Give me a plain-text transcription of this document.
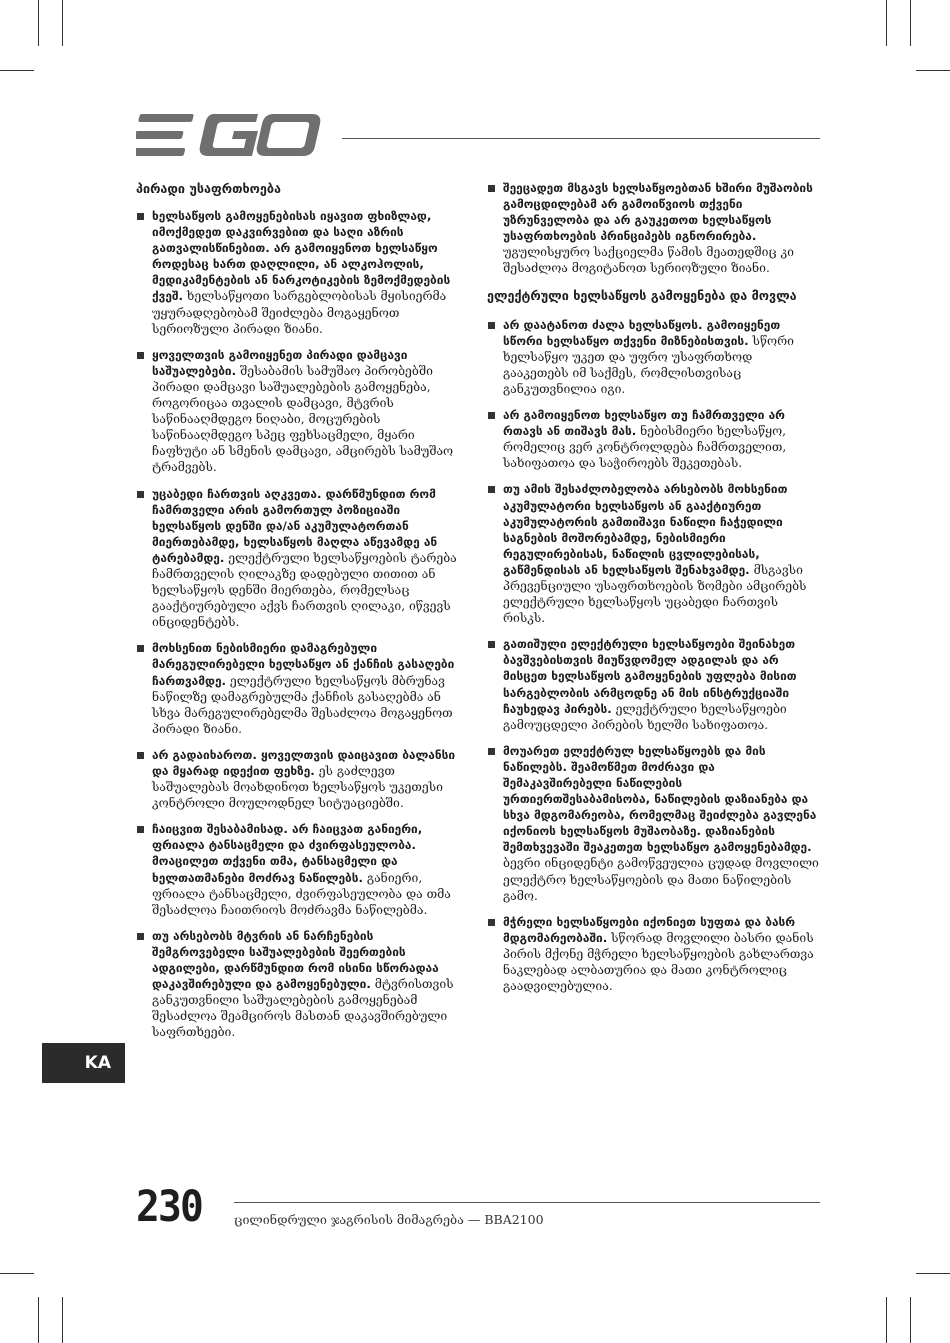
პირადი უსაფრთხოება
ხელსაწყოს გამოყენებისას იყავით ფხიზლად, იმოქმედეთ დაკვირვებით და საღი აზრის გათვალისწინებით. არ გამოიყენოთ ხელსაწყო როდესაც ხართ დაღლილი, ან ალკოჰოლის, მედიკამენტების ან ნარკოტიკების ზემოქმედების ქვეშ. ხელსაწყოთი სარგებლობისას მყისიერმა უყურადღებობამ შეიძლება მოგაყენოთ სერიოზული პირადი ზიანი.
ყოველთვის გამოიყენეთ პირადი დამცავი საშუალებები. შესაბამის სამუშაო პირობებში პირადი დამცავი საშუალებების გამოყენება, როგორიცაა თვალის დამცავი, მტვრის საწინააღმდეგო ნიღაბი, მოცურების საწინააღმდეგო სპეც ფეხსაცმელი, მყარი ჩაფხუტი ან სმენის დამცავი, ამცირებს სამუშაო ტრამვებს.
უცაბედი ჩართვის აღკვეთა. დარწმუნდით რომ ჩამრთველი არის გამორთულ პოზიციაში ხელსაწყოს დენში და/ან აკუმულატორთან მიერთებამდე, ხელსაწყოს მაღლა აწევამდე ან ტარებამდე. ელექტრული ხელსაწყოების ტარება ჩამრთველის ღილაკზე დადებული თითით ან ხელსაწყოს დენში მიერთება, რომელსაც გააქტიურებული აქვს ჩართვის ღილაკი, იწვევს ინციდენტებს.
მოხსენით ნებისმიერი დამაგრებული მარეგულირებელი ხელსაწყო ან ქანჩის გასაღები ჩართვამდე. ელექტრული ხელსაწყოს მბრუნავ ნაწილზე დამაგრებულმა ქანჩის გასაღებმა ან სხვა მარეგულირებელმა შესაძლოა მოგაყენოთ პირადი ზიანი.
არ გადაიხაროთ. ყოველთვის დაიცავით ბალანსი და მყარად იდექით ფეხზე. ეს გაძლევთ საშუალებას მოახდინოთ ხელსაწყოს უკეთესი კონტროლი მოულოდნელ სიტუაციებში.
ჩაიცვით შესაბამისად. არ ჩაიცვათ განიერი, ფრიალა ტანსაცმელი და ძვირფასეულობა. მოაცილეთ თქვენი თმა, ტანსაცმელი და ხელთათმანები მოძრავ ნაწილებს. განიერი, ფრიალა ტანსაცმელი, ძვირფასეულობა და თმა შესაძლოა ჩაითრიოს მოძრავმა ნაწილებმა.
თუ არსებობს მტვრის ან ნარჩენების შემგროვებელი საშუალებების შეერთების ადგილები, დარწმუნდით რომ ისინი სწორადაა დაკავშირებული და გამოყენებული. მტვრისთვის განკუთვნილი საშუალებების გამოყენებამ შესაძლოა შეამციროს მასთან დაკავშირებული საფრთხეები.
შეეცადეთ მსგავს ხელსაწყოებთან ხშირი მუშაობის გამოცდილებამ არ გამოიწვიოს თქვენი უზრუნველობა და არ გაუკეთოთ ხელსაწყოს უსაფრთხოების პრინციპებს იგნორირება. უგულისყურო საქციელმა წამის მეათედშიც კი შესაძლოა მოგიტანოთ სერიოზული ზიანი.
ელექტრული ხელსაწყოს გამოყენება და მოვლა
არ დაატანოთ ძალა ხელსაწყოს. გამოიყენეთ სწორი ხელსაწყო თქვენი მიზნებისთვის. სწორი ხელსაწყო უკეთ და უფრო უსაფრთხოდ გააკეთებს იმ საქმეს, რომლისთვისაც განკუთვნილია იგი.
არ გამოიყენოთ ხელსაწყო თუ ჩამრთველი არ რთავს ან თიშავს მას. ნებისმიერი ხელსაწყო, რომელიც ვერ კონტროლდება ჩამრთველით, სახიფათოა და საჭიროებს შეკეთებას.
თუ ამის შესაძლობელობა არსებობს მოხსენით აკუმულატორი ხელსაწყოს ან გააქტიურეთ აკუმულატორის გამთიშავი ნაწილი ჩაჭედილი საგნების მოშორებამდე, ნებისმიერი რეგულირებისას, ნაწილის ცვლილებისას, გაწმენდისას ან ხელსაწყოს შენახვამდე. მსგავსი პრევენციული უსაფრთხოების ზომები ამცირებს ელექტრული ხელსაწყოს უცაბედი ჩართვის რისკს.
გათიშული ელექტრული ხელსაწყოები შეინახეთ ბავშვებისთვის მიუწვდომელ ადგილას და არ მისცეთ ხელსაწყოს გამოყენების უფლება მისით სარგებლობის არმცოდნე ან მის ინსტრუქციაში ჩაუხედავ პირებს. ელექტრული ხელსაწყოები გამოუცდელი პირების ხელში სახიფათოა.
მოუარეთ ელექტრულ ხელსაწყოებს და მის ნაწილებს. შეამოწმეთ მოძრავი და შემაკავშირებელი ნაწილების ურთიერთშესაბამისობა, ნაწილების დაზიანება და სხვა მდგომარეობა, რომელმაც შეიძლება გავლენა იქონიოს ხელსაწყოს მუშაობაზე. დაზიანების შემთხვევაში შეაკეთეთ ხელსაწყო გამოყენებამდე. ბევრი ინციდენტი გამოწვეულია ცუდად მოვლილი ელექტრო ხელსაწყოების და მათი ნაწილების გამო.
მჭრელი ხელსაწყოები იქონიეთ სუფთა და ბასრ მდგომარეობაში. სწორად მოვლილი ბასრი დანის პირის მქონე მჭრელი ხელსაწყოების გახლართვა ნაკლებად ალბათურია და მათი კონტროლიც გაადვილებულია.
KA
230	ცილინდრული ჯაგრისის მიმაგრება — BBA2100
